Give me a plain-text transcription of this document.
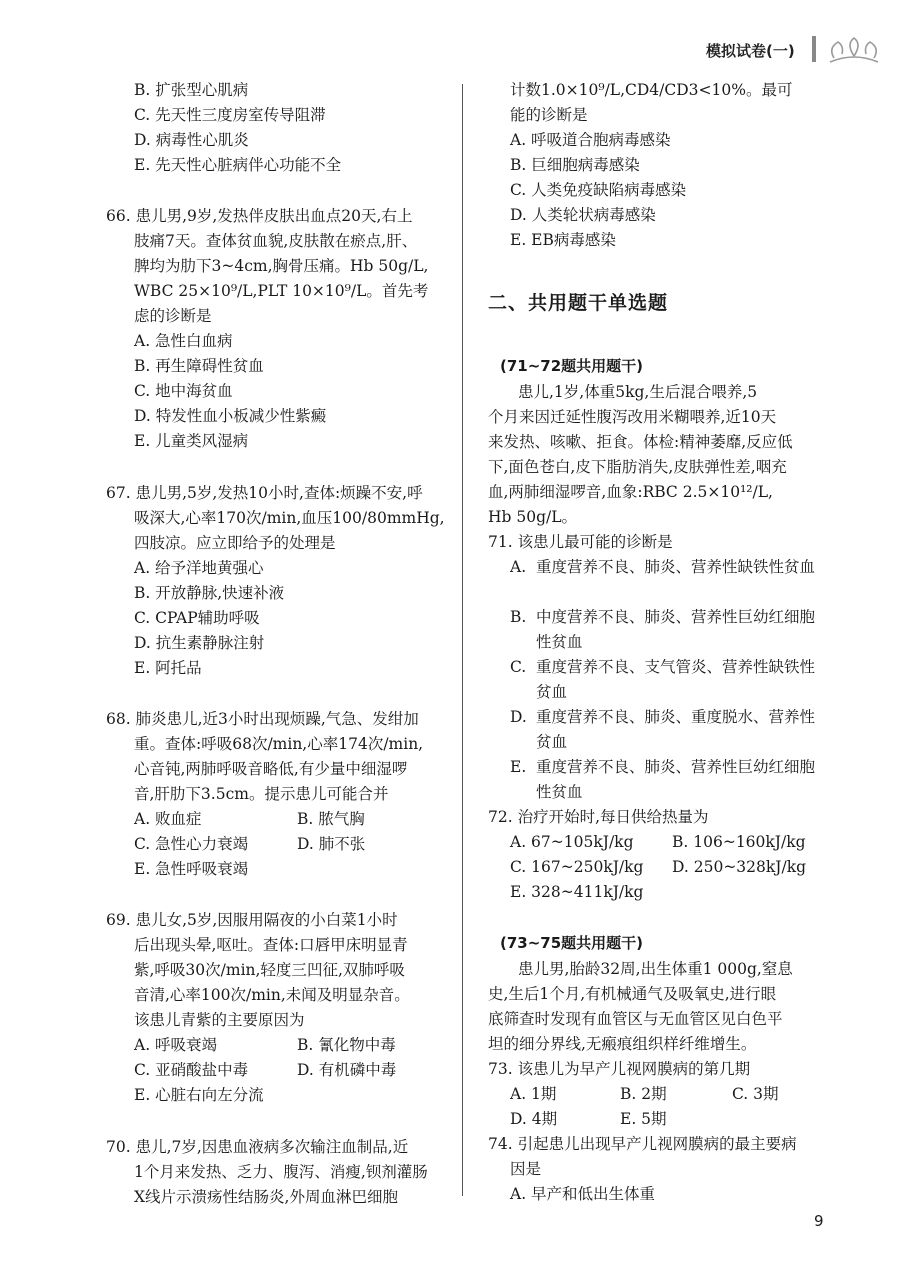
模拟试卷(一)
B. 扩张型心肌病
C. 先天性三度房室传导阻滞
D. 病毒性心肌炎
E. 先天性心脏病伴心功能不全
66. 患儿男,9岁,发热伴皮肤出血点20天,右上
肢痛7天。查体贫血貌,皮肤散在瘀点,肝、
脾均为肋下3~4cm,胸骨压痛。Hb 50g/L,
WBC 25×10⁹/L,PLT 10×10⁹/L。首先考
虑的诊断是
A. 急性白血病
B. 再生障碍性贫血
C. 地中海贫血
D. 特发性血小板减少性紫癜
E. 儿童类风湿病
67. 患儿男,5岁,发热10小时,查体:烦躁不安,呼
吸深大,心率170次/min,血压100/80mmHg,
四肢凉。应立即给予的处理是
A. 给予洋地黄强心
B. 开放静脉,快速补液
C. CPAP辅助呼吸
D. 抗生素静脉注射
E. 阿托品
68. 肺炎患儿,近3小时出现烦躁,气急、发绀加
重。查体:呼吸68次/min,心率174次/min,
心音钝,两肺呼吸音略低,有少量中细湿啰
音,肝肋下3.5cm。提示患儿可能合并
A. 败血症	B. 脓气胸
C. 急性心力衰竭	D. 肺不张
E. 急性呼吸衰竭
69. 患儿女,5岁,因服用隔夜的小白菜1小时
后出现头晕,呕吐。查体:口唇甲床明显青
紫,呼吸30次/min,轻度三凹征,双肺呼吸
音清,心率100次/min,未闻及明显杂音。
该患儿青紫的主要原因为
A. 呼吸衰竭	B. 氰化物中毒
C. 亚硝酸盐中毒	D. 有机磷中毒
E. 心脏右向左分流
70. 患儿,7岁,因患血液病多次输注血制品,近
1个月来发热、乏力、腹泻、消瘦,钡剂灌肠
X线片示溃疡性结肠炎,外周血淋巴细胞
计数1.0×10⁹/L,CD4/CD3<10%。最可
能的诊断是
A. 呼吸道合胞病毒感染
B. 巨细胞病毒感染
C. 人类免疫缺陷病毒感染
D. 人类轮状病毒感染
E. EB病毒感染
二、共用题干单选题
(71~72题共用题干)
患儿,1岁,体重5kg,生后混合喂养,5
个月来因迁延性腹泻改用米糊喂养,近10天
来发热、咳嗽、拒食。体检:精神萎靡,反应低
下,面色苍白,皮下脂肪消失,皮肤弹性差,咽充
血,两肺细湿啰音,血象:RBC 2.5×10¹²/L,
Hb 50g/L。
71. 该患儿最可能的诊断是
A. 重度营养不良、肺炎、营养性缺铁性贫血
B. 中度营养不良、肺炎、营养性巨幼红细胞性贫血
C. 重度营养不良、支气管炎、营养性缺铁性贫血
D. 重度营养不良、肺炎、重度脱水、营养性贫血
E. 重度营养不良、肺炎、营养性巨幼红细胞性贫血
72. 治疗开始时,每日供给热量为
A. 67~105kJ/kg B. 106~160kJ/kg
C. 167~250kJ/kg D. 250~328kJ/kg
E. 328~411kJ/kg
(73~75题共用题干)
患儿男,胎龄32周,出生体重1 000g,窒息
史,生后1个月,有机械通气及吸氧史,进行眼
底筛查时发现有血管区与无血管区见白色平
坦的细分界线,无瘢痕组织样纤维增生。
73. 该患儿为早产儿视网膜病的第几期
A. 1期	B. 2期	C. 3期
D. 4期	E. 5期
74. 引起患儿出现早产儿视网膜病的最主要病
因是
A. 早产和低出生体重
9
